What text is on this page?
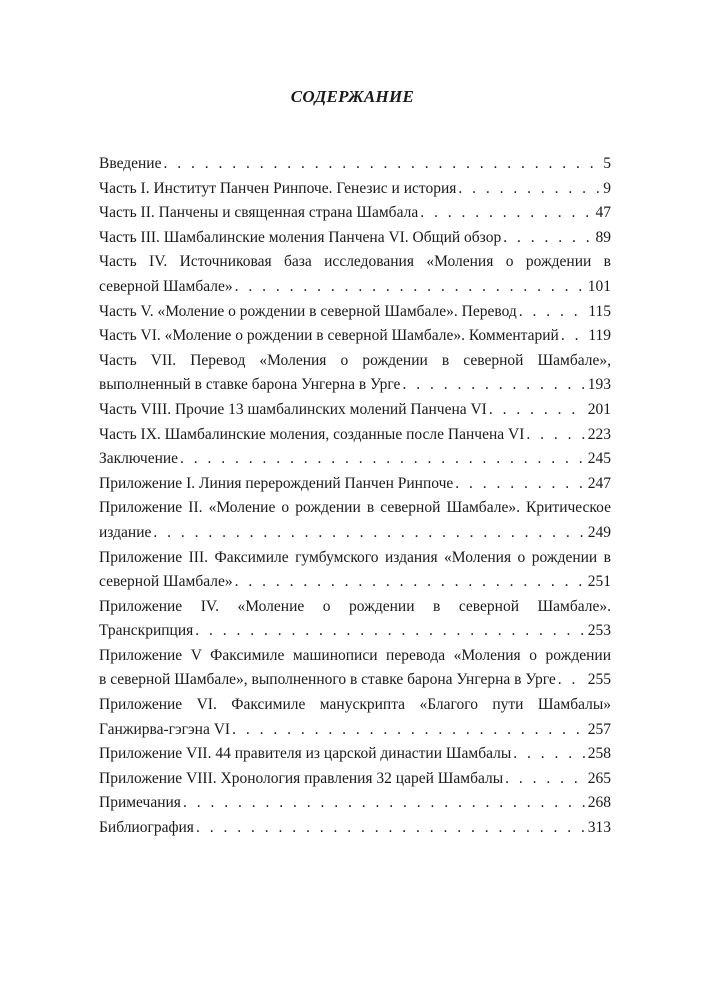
СОДЕРЖАНИЕ
Введение . . .	5
Часть I. Институт Панчен Ринпоче. Генезис и история . . .	9
Часть II. Панчены и священная страна Шамбала . . .	47
Часть III. Шамбалинские моления Панчена VI. Общий обзор . . .	89
Часть IV. Источниковая база исследования «Моления о рождении в
северной Шамбале» . . .	101
Часть V. «Моление о рождении в северной Шамбале». Перевод . . .	115
Часть VI. «Моление о рождении в северной Шамбале». Комментарий . . . 119
Часть VII. Перевод «Моления о рождении в северной Шамбале»,
выполненный в ставке барона Унгерна в Урге . . .	193
Часть VIII. Прочие 13 шамбалинских молений Панчена VI . . .	201
Часть IX. Шамбалинские моления, созданные после Панчена VI . . .	223
Заключение . . .	245
Приложение I. Линия перерождений Панчен Ринпоче . . .	247
Приложение II. «Моление о рождении в северной Шамбале». Критическое
издание . . .	249
Приложение III. Факсимиле гумбумского издания «Моления о рождении в
северной Шамбале» . . .	251
Приложение IV. «Моление о рождении в северной Шамбале».
Транскрипция . . .	253
Приложение V Факсимиле машинописи перевода «Моления о рождении
в северной Шамбале», выполненного в ставке барона Унгерна в Урге . . . 255
Приложение VI. Факсимиле манускрипта «Благого пути Шамбалы»
Ганжирва-гэгэна VI . . .	257
Приложение VII. 44 правителя из царской династии Шамбалы . . .	258
Приложение VIII. Хронология правления 32 царей Шамбалы . . .	265
Примечания . . .	268
Библиография . . .	313
